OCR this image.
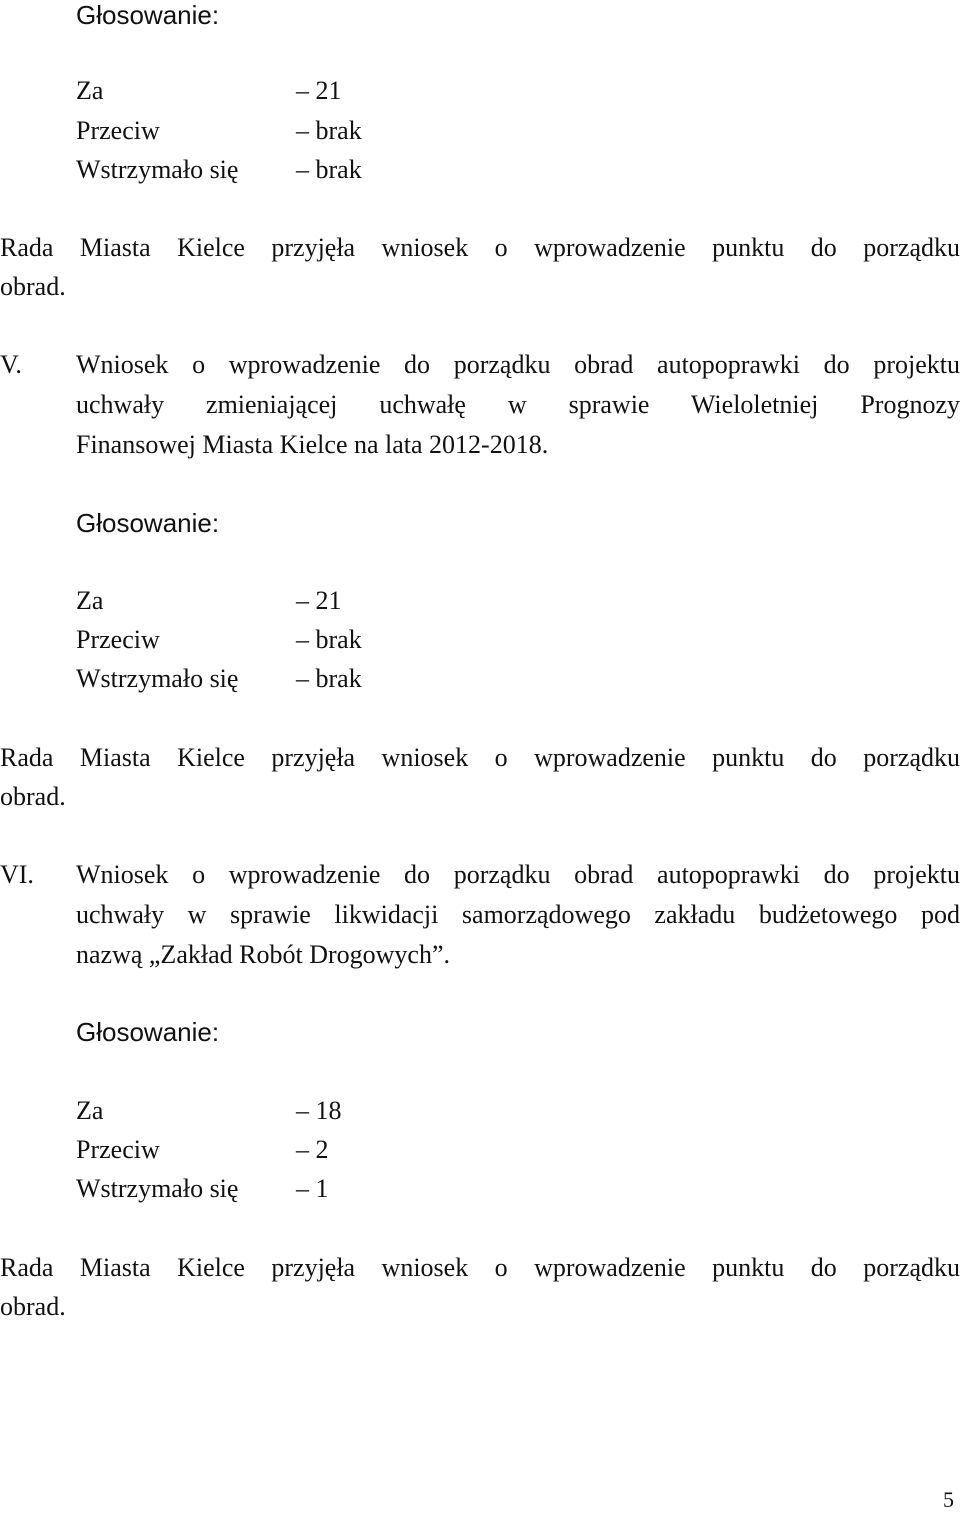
Głosowanie:
Za	– 21
Przeciw	– brak
Wstrzymało się – brak
Rada Miasta Kielce przyjęła wniosek o wprowadzenie punktu do porządku
obrad.
V. Wniosek o wprowadzenie do porządku obrad autopoprawki do projektu
uchwały zmieniającej uchwałę w sprawie Wieloletniej Prognozy
Finansowej Miasta Kielce na lata 2012-2018.
Głosowanie:
Za	– 21
Przeciw	– brak
Wstrzymało się – brak
Rada Miasta Kielce przyjęła wniosek o wprowadzenie punktu do porządku
obrad.
VI. Wniosek o wprowadzenie do porządku obrad autopoprawki do projektu
uchwały w sprawie likwidacji samorządowego zakładu budżetowego pod
nazwą „Zakład Robót Drogowych”.
Głosowanie:
Za	– 18
Przeciw	– 2
Wstrzymało się – 1
Rada Miasta Kielce przyjęła wniosek o wprowadzenie punktu do porządku
obrad.
5
